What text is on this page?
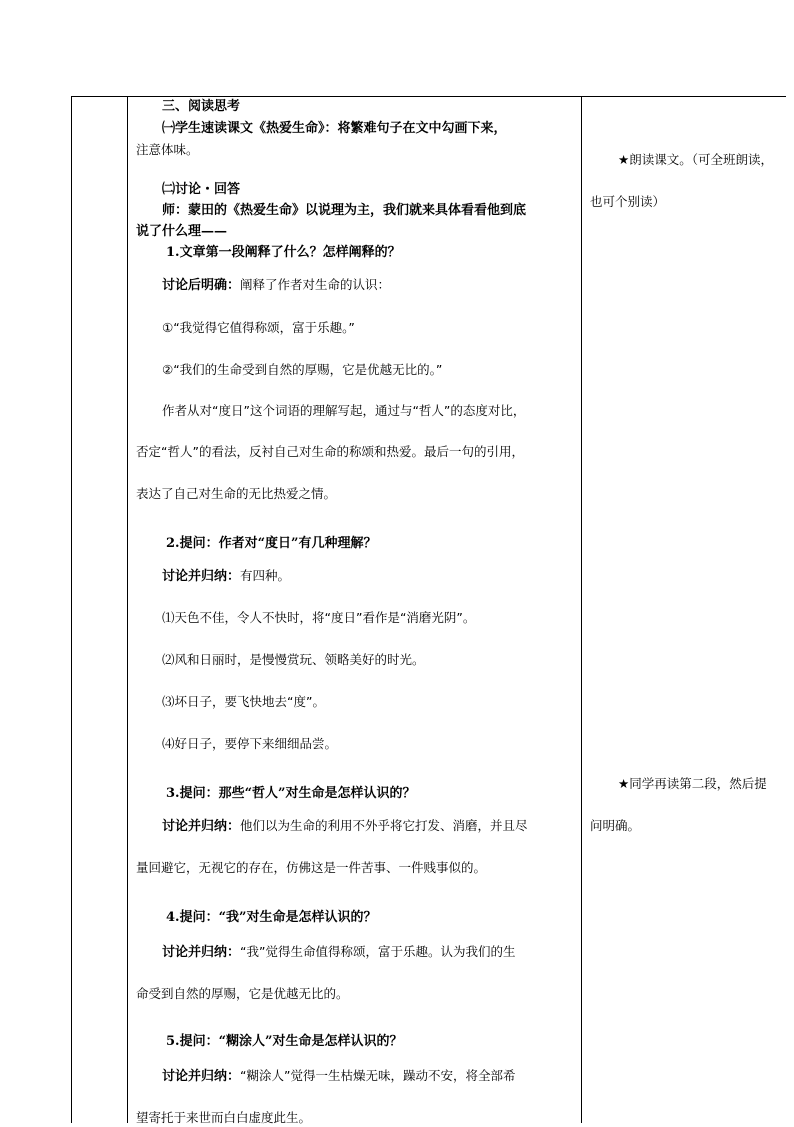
三、阅读思考
㈠学生速读课文《热爱生命》：将繁难句子在文中勾画下来，
注意体味。
㈡讨论・回答
师：蒙田的《热爱生命》以说理为主，我们就来具体看看他到底
说了什么理——
1.文章第一段阐释了什么？怎样阐释的？
讨论后明确：阐释了作者对生命的认识：
①“我觉得它值得称颂，富于乐趣。”
②“我们的生命受到自然的厚赐，它是优越无比的。”
作者从对“度日”这个词语的理解写起，通过与“哲人”的态度对比，
否定“哲人”的看法，反衬自己对生命的称颂和热爱。最后一句的引用，
表达了自己对生命的无比热爱之情。
2.提问：作者对“度日”有几种理解？
讨论并归纳：有四种。
⑴天色不佳，令人不快时，将“度日”看作是“消磨光阴”。
⑵风和日丽时，是慢慢赏玩、领略美好的时光。
⑶坏日子，要飞快地去“度”。
⑷好日子，要停下来细细品尝。
3.提问：那些“哲人”对生命是怎样认识的？
讨论并归纳：他们以为生命的利用不外乎将它打发、消磨，并且尽
量回避它，无视它的存在，仿佛这是一件苦事、一件贱事似的。
4.提问：“我”对生命是怎样认识的？
讨论并归纳：“我”觉得生命值得称颂，富于乐趣。认为我们的生
命受到自然的厚赐，它是优越无比的。
5.提问：“糊涂人”对生命是怎样认识的？
讨论并归纳：“糊涂人”觉得一生枯燥无味，躁动不安，将全部希
望寄托于来世而白白虚度此生。
★朗读课文。（可全班朗读，
也可个别读）
★同学再读第二段，然后提
问明确。
